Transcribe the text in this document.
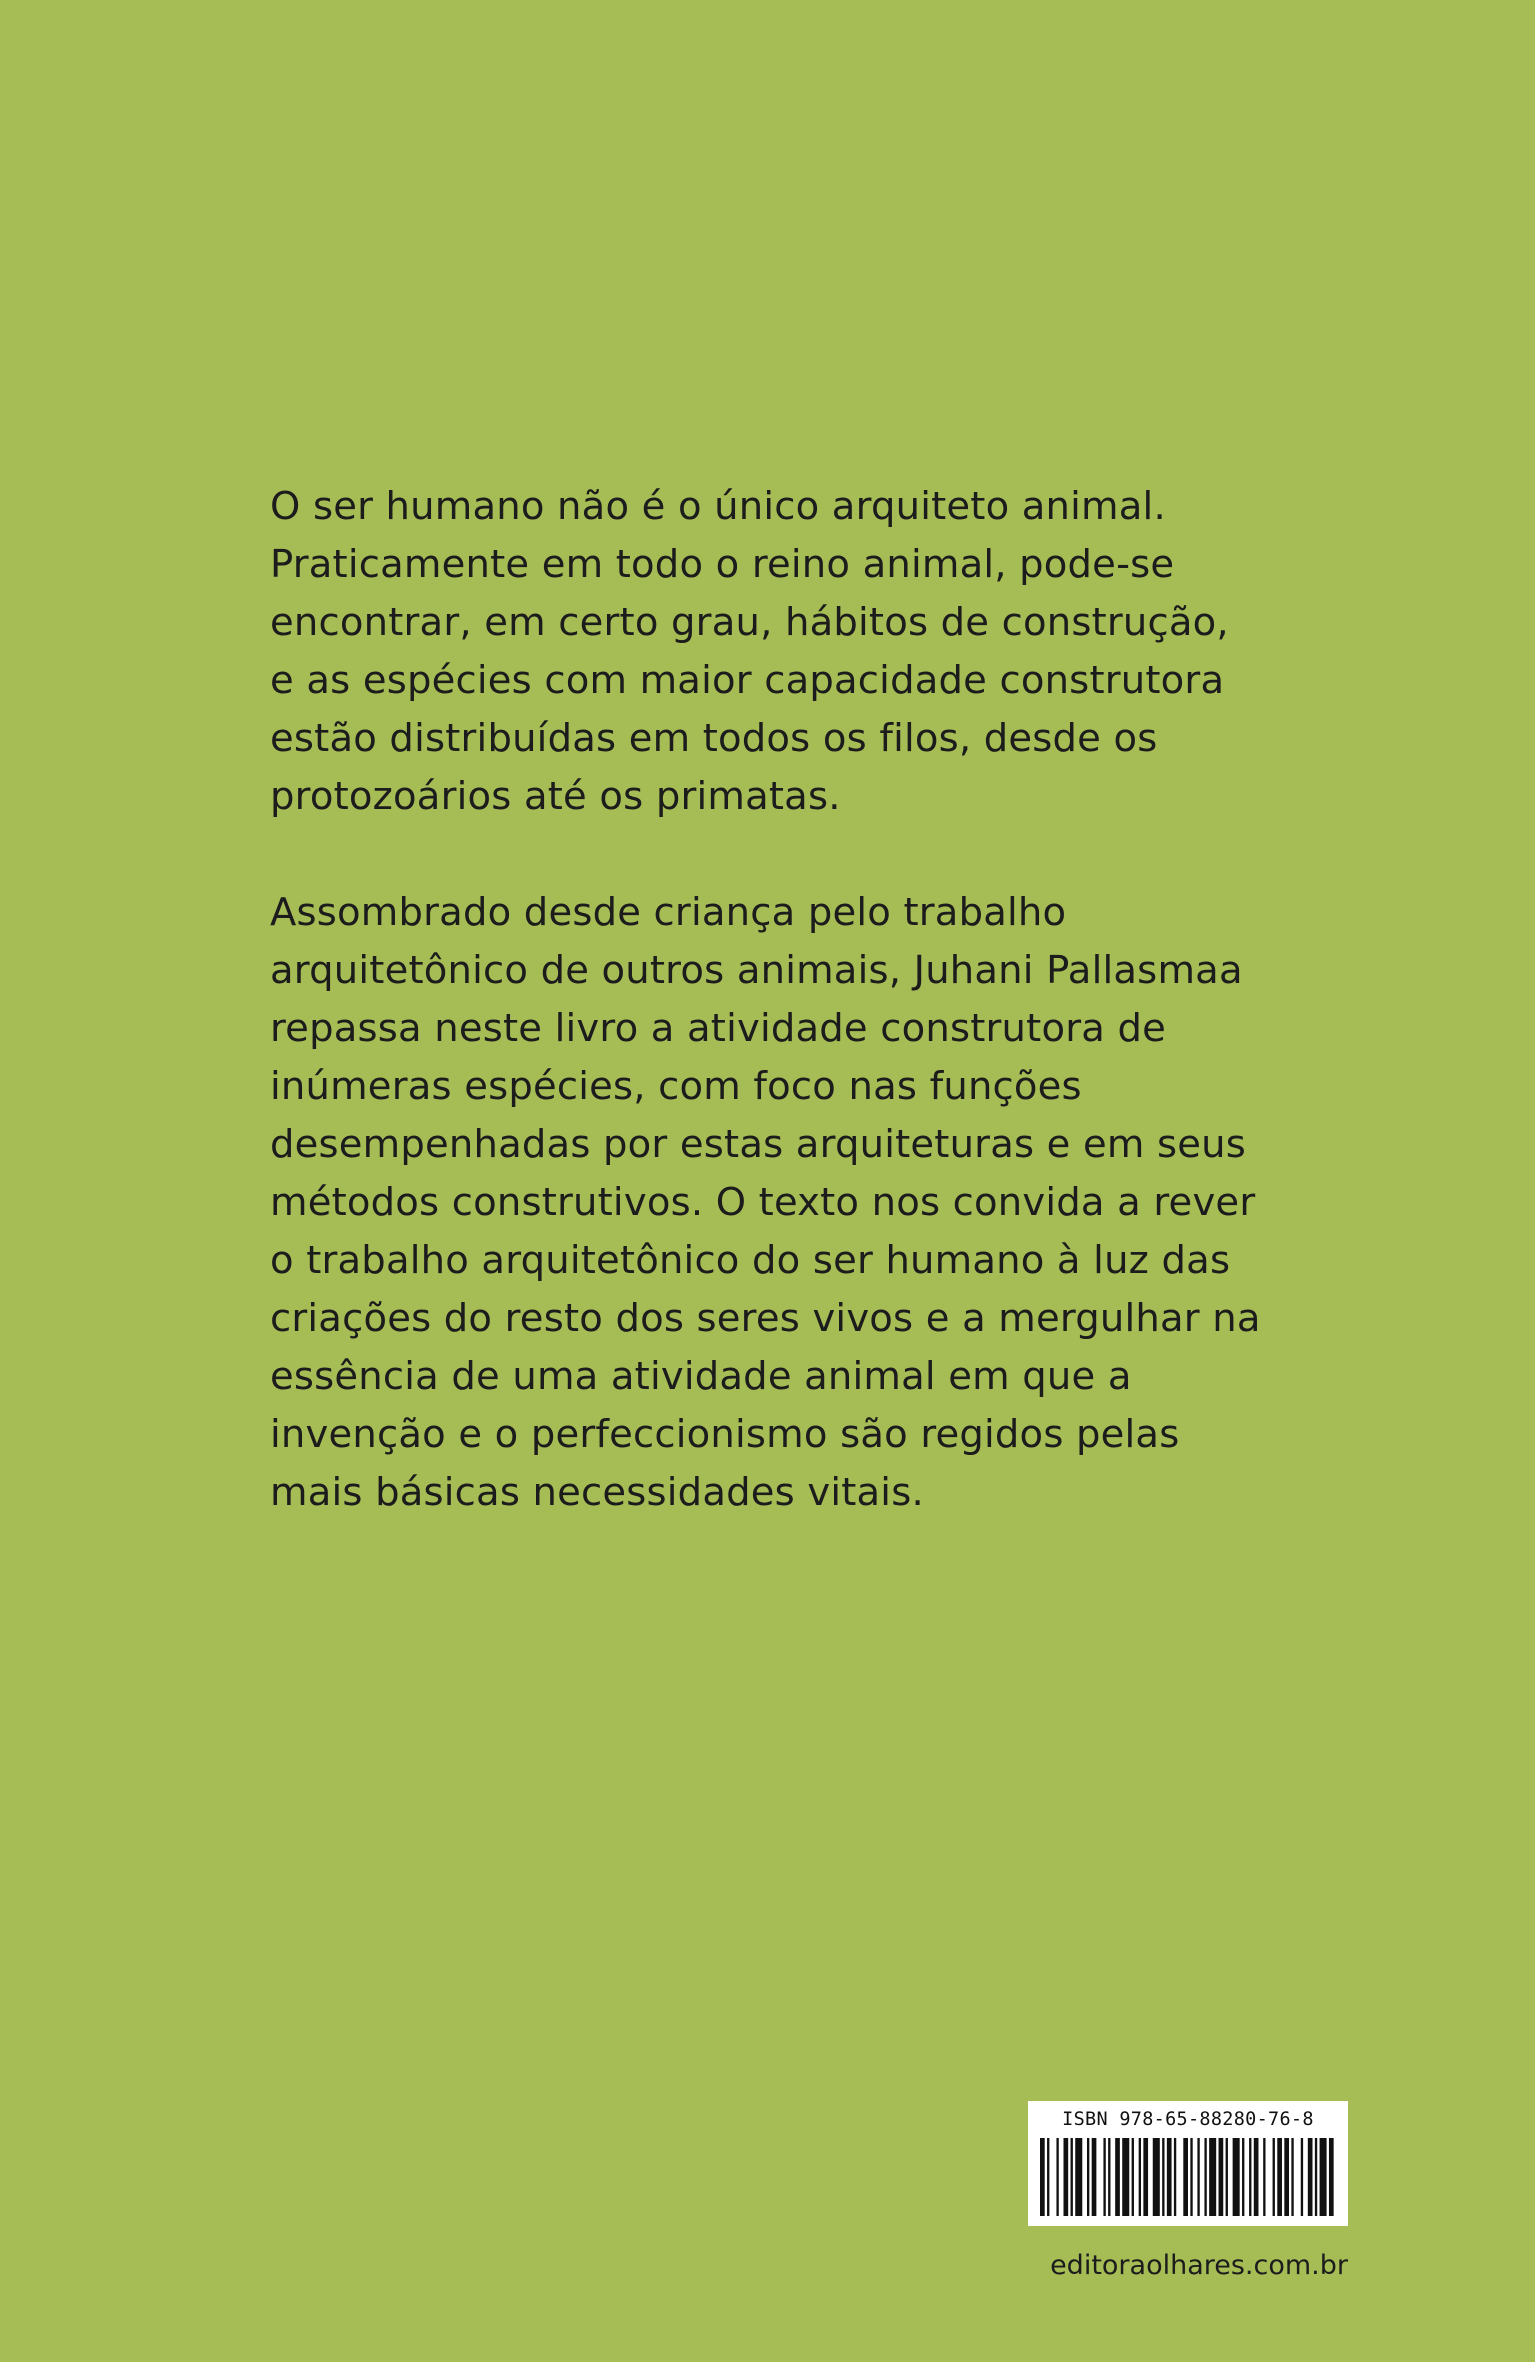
O ser humano não é o único arquiteto animal.
Praticamente em todo o reino animal, pode-se
encontrar, em certo grau, hábitos de construção,
e as espécies com maior capacidade construtora
estão distribuídas em todos os filos, desde os
protozoários até os primatas.

Assombrado desde criança pelo trabalho
arquitetônico de outros animais, Juhani Pallasmaa
repassa neste livro a atividade construtora de
inúmeras espécies, com foco nas funções
desempenhadas por estas arquiteturas e em seus
métodos construtivos. O texto nos convida a rever
o trabalho arquitetônico do ser humano à luz das
criações do resto dos seres vivos e a mergulhar na
essência de uma atividade animal em que a
invenção e o perfeccionismo são regidos pelas
mais básicas necessidades vitais.

ISBN 978-65-88280-76-8
editoraolhares.com.br
